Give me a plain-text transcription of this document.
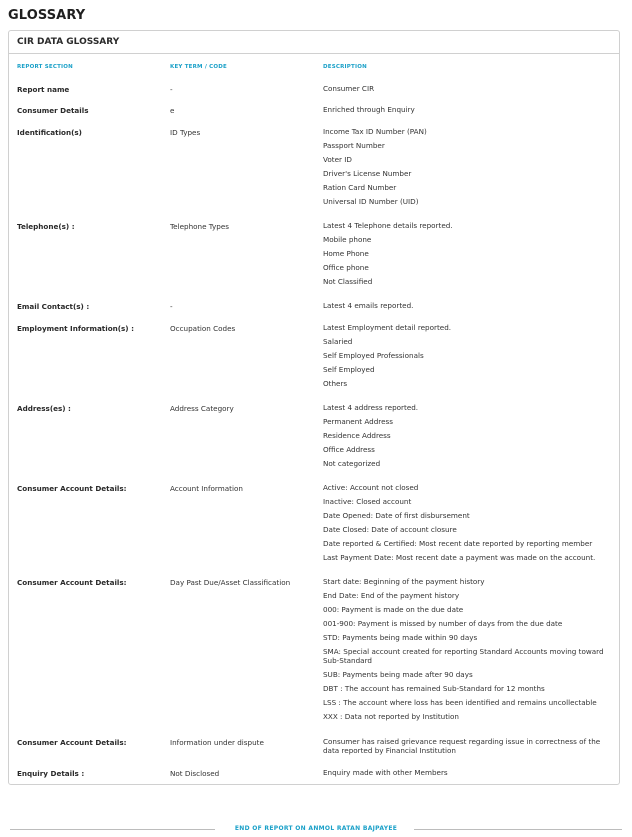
GLOSSARY
CIR DATA GLOSSARY
REPORT SECTION	KEY TERM / CODE	DESCRIPTION
Report name	-	Consumer CIR
Consumer Details	e	Enriched through Enquiry
Identification(s)	ID Types	Income Tax ID Number (PAN)
Passport Number
Voter ID
Driver's License Number
Ration Card Number
Universal ID Number (UID)
Telephone(s) :	Telephone Types	Latest 4 Telephone details reported.
Mobile phone
Home Phone
Office phone
Not Classified
Email Contact(s) :	-	Latest 4 emails reported.
Employment Information(s) :	Occupation Codes	Latest Employment detail reported.
Salaried
Self Employed Professionals
Self Employed
Others
Address(es) :	Address Category	Latest 4 address reported.
Permanent Address
Residence Address
Office Address
Not categorized
Consumer Account Details:	Account Information	Active: Account not closed
Inactive: Closed account
Date Opened: Date of first disbursement
Date Closed: Date of account closure
Date reported & Certified: Most recent date reported by reporting member
Last Payment Date: Most recent date a payment was made on the account.
Consumer Account Details:	Day Past Due/Asset Classification	Start date: Beginning of the payment history
End Date: End of the payment history
000: Payment is made on the due date
001-900: Payment is missed by number of days from the due date
STD: Payments being made within 90 days
SMA: Special account created for reporting Standard Accounts moving toward Sub-Standard
SUB: Payments being made after 90 days
DBT : The account has remained Sub-Standard for 12 months
LSS : The account where loss has been identified and remains uncollectable
XXX : Data not reported by Institution
Consumer Account Details:	Information under dispute	Consumer has raised grievance request regarding issue in correctness of the data reported by Financial Institution
Enquiry Details :	Not Disclosed	Enquiry made with other Members
END OF REPORT ON ANMOL RATAN BAJPAYEE
